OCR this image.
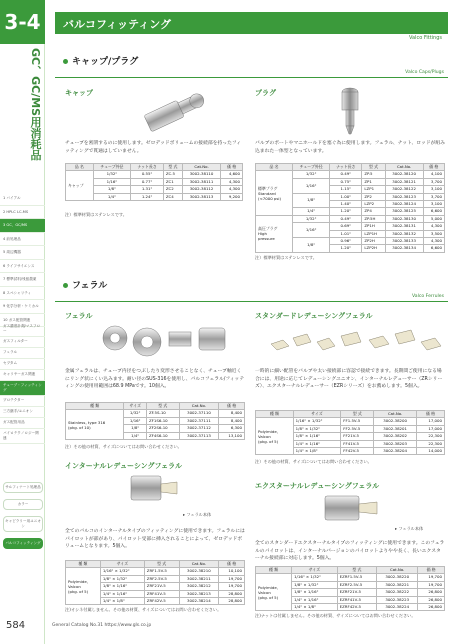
3-4
GC、GC/MS用消耗品
1 バイアル
2 HPLC LC-MS
3 GC、GC/MS
4 前処理品
5 周辺機器
6 ライフサイエンス
7 標準試料/残留農薬
8 スペシャリティ
9 化学分析・ケミカル
10 ガス配管関連
ガス濃度計測/マスフロー
ガスフィルター
フェラル
セプタム
キャリヤーガス関連
チューブ・フィッティング
プロテクター
三方継手/ユニオン
ガス配管用品
バイロテクノロジー関連
サルフィナート処理品
カラー
キャピラリー用ユニオン
バルコフィッティング
584	General Catalog No.31 https://www.gls.co.jp
バルコフィッティング
Valco Fittings
キャップ/プラグ
Valco Caps/Plugs
キャップ
チューブを密閉するのに使用します。ゼロデッドボリュームの接続部を持ったフィッティングで貫通はしていません。
品 名	チューブ外径	ナット長さ	型 式	Cat.No.	価 格
キャップ	1/32"	0.55"	ZC.5	3002-38110	4,600
	1/16"	0.77"	ZC1	3002-38111	4,300
	1/8"	1.31"	ZC2	3002-38112	4,300
	1/4"	1.24"	ZC4	3002-38113	9,200
注）標準材質はステンレスです。
プラグ
バルブのポートやマニホールドを塞ぐ為に使用します。フェラル、ナット、ロッドが組み込まれた一体型となっています。
品 名	チューブ外径	ナット長さ	型 式	Cat.No.	価 格
標準プラグ
Standard
(<7000 psi)	1/32"	0.49"	ZP.5	3002-38120	4,100
	1/16"	0.75"	ZP1	3002-38121	3,700
		1.15"	LZP1	3002-38122	3,100
	1/8"	1.00"	ZP2	3002-38123	3,700
		1.40"	LZP2	3002-38124	3,100
	1/4"	1.20"	ZP4	3002-38125	6,600
高圧プラグ
High
pressure	1/32"	0.49"	ZP.5H	3002-38130	5,000
	1/16"	0.69"	ZP1H	3002-38131	4,300
		1.01"	LZP1H	3002-38132	3,500
	1/8"	0.96"	ZP2H	3002-38133	4,300
		1.20"	LZP2H	3002-38134	6,600
注）標準材質はステンレスです。
フェラル
Valco Ferrules
フェラル
金属フェラルは、チューブ内径をつぶしたり変形させることなく、チューブ軸近くにリング状にくい込みます。耐い径のSUS-316を使用し、バルコフェラル/フィッティングの使用用範囲は68.9 MPaです。10個入。
種 類	サイズ	型 式	Cat.No.	価 格
Stainless, type 316
(pkg. of 10)	1/32"	ZF.5S-10	3002-37110	8,400
	1/16"	ZF1S6-10	3002-37111	8,400
	1/8"	ZF2S6-10	3002-37112	6,300
	1/4"	ZF4S6-10	3002-37113	13,100
注）その他の材質、サイズについてはお問い合わせください。
スタンダードレデューシングフェラル
一時的に細い配管をバルブや太い接続部に容認で接続できます。長期間ご使用になる場合には、用途に応じてレデューシングユニオン、インターナルレデューサー（ZRシリーズ）、エクスターナルレデューサー（EZRシリーズ）をお薦めします。5個入。
種 類	サイズ	型 式	Cat.No.	価 格
Polyimide,
Valcon
(pkg. of 5)	1/16" × 1/32"	FF1.5V-5	3002-38200	17,000
	1/8" × 1/32"	FF2.5V-5	3002-38201	17,000
	1/8" × 1/16"	FF21V-5	3002-38202	22,300
	1/4" × 1/16"	FF41V-5	3002-38203	22,300
	1/4" × 1/8"	FF42V-5	3002-38204	14,000
注）その他の材質、サイズについてはお問い合わせください。
インターナルレデューシングフェラル
▸ フェラル本体
全てのバルコのインターナルタイプのフィッティングに使用できます。フェラルにはパイロットが部があり、パイロット受部に挿入されることによって、ゼロデッドボリュームとなります。5個入。
種 類	サイズ	型 式	Cat.No.	価 格
Polyimide,
Valcon
(pkg. of 5)	1/16" × 1/32"	ZRF1.5V-5	3002-38210	10,100
	1/8" × 1/32"	ZRF2.5V-5	3002-38211	19,700
	1/8" × 1/16"	ZRF21V-5	3002-38212	19,700
	1/4" × 1/16"	ZRF41V-5	3002-38213	28,800
	1/4" × 1/8"	ZRF42V-5	3002-38214	28,800
注)オシネ付属しません。その他の材質、サイズについてはお問い合わせください。
エクスターナルレデューシングフェラル
▸ フェラル本体
全てのスタンダードエクスターナルタイプのフィッティングに使用できます。このフェラルのパイロットは、インターナルバージョンのパイロットよりやや長く、長いエクスターナル接続部に対応します。5個入。
種 類	サイズ	型 式	Cat.No.	価 格
Polyimide,
Valcon
(pkg. of 5)	1/16" × 1/32"	EZRF1.5V-5	3002-38220	19,700
	1/8" × 1/32"	EZRF2.5V-5	3002-38221	19,700
	1/8" × 1/16"	EZRF21V-5	3002-38222	26,800
	1/4" × 1/16"	EZRF41V-5	3002-38223	26,800
	1/4" × 1/8"	EZRF42V-5	3002-38224	26,800
注)ナットは付属しません。その他の材質、サイズについてはお問い合わせください。
